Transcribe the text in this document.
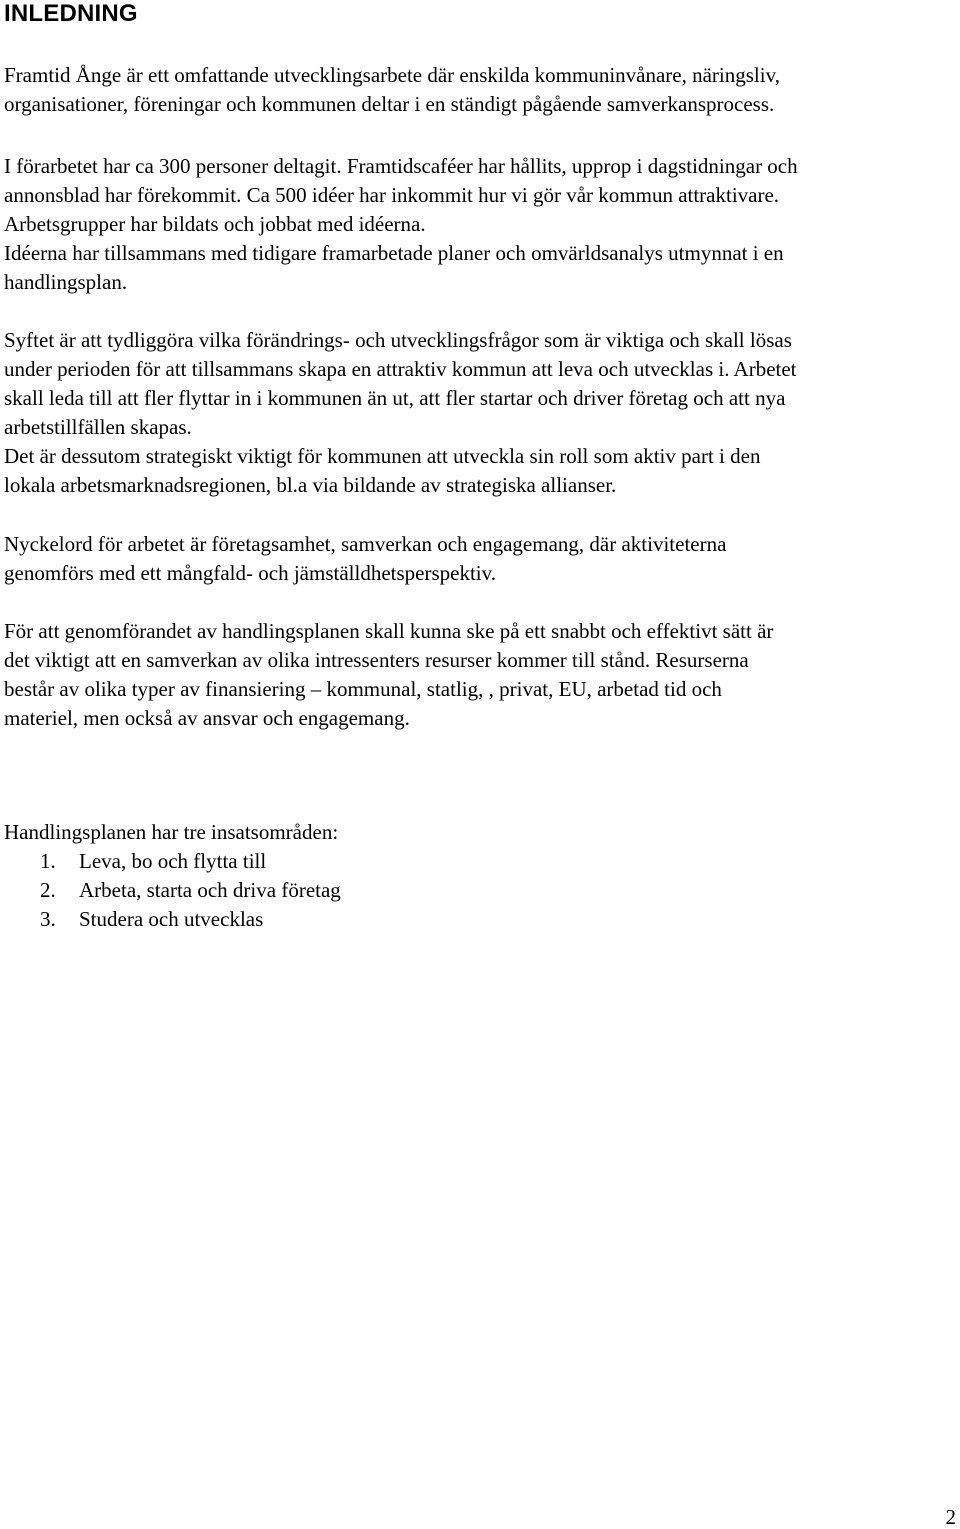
INLEDNING

Framtid Ånge är ett omfattande utvecklingsarbete där enskilda kommuninvånare, näringsliv,
organisationer, föreningar och kommunen deltar i en ständigt pågående samverkansprocess.

I förarbetet har ca 300 personer deltagit. Framtidscaféer har hållits, upprop i dagstidningar och
annonsblad har förekommit. Ca 500 idéer har inkommit hur vi gör vår kommun attraktivare.
Arbetsgrupper har bildats och jobbat med idéerna.
Idéerna har tillsammans med tidigare framarbetade planer och omvärldsanalys utmynnat i en
handlingsplan.

Syftet är att tydliggöra vilka förändrings- och utvecklingsfrågor som är viktiga och skall lösas
under perioden för att tillsammans skapa en attraktiv kommun att leva och utvecklas i. Arbetet
skall leda till att fler flyttar in i kommunen än ut, att fler startar och driver företag och att nya
arbetstillfällen skapas.
Det är dessutom strategiskt viktigt för kommunen att utveckla sin roll som aktiv part i den
lokala arbetsmarknadsregionen, bl.a via bildande av strategiska allianser.

Nyckelord för arbetet är företagsamhet, samverkan och engagemang, där aktiviteterna
genomförs med ett mångfald- och jämställdhetsperspektiv.

För att genomförandet av handlingsplanen skall kunna ske på ett snabbt och effektivt sätt är
det viktigt att en samverkan av olika intressenters resurser kommer till stånd. Resurserna
består av olika typer av finansiering – kommunal, statlig, , privat, EU, arbetad tid och
materiel, men också av ansvar och engagemang.

Handlingsplanen har tre insatsområden:

1. Leva, bo och flytta till
2. Arbeta, starta och driva företag
3. Studera och utvecklas
2
